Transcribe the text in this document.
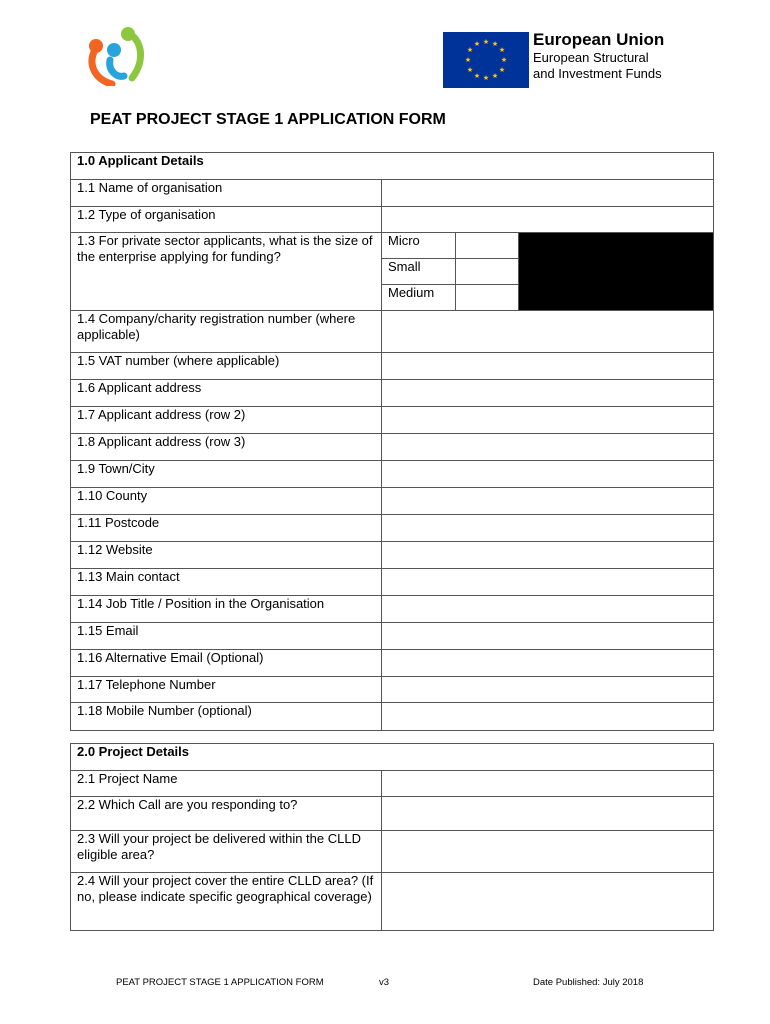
★ ★
★
★
★
★
★
★
★
★
★
★	European Union
European Structural
and Investment Funds
PEAT PROJECT STAGE 1 APPLICATION FORM
1.0 Applicant Details			
1.1 Name of organisation			
1.2 Type of organisation			
1.3 For private sector applicants, what is the size of the enterprise applying for funding?	Micro		
	Small		
	Medium		
1.4 Company/charity registration number (where applicable)			
1.5 VAT number (where applicable)			
1.6 Applicant address			
1.7 Applicant address (row 2)			
1.8 Applicant address (row 3)			
1.9 Town/City			
1.10 County			
1.11 Postcode			
1.12 Website			
1.13 Main contact			
1.14 Job Title / Position in the Organisation			
1.15 Email			
1.16 Alternative Email (Optional)			
1.17 Telephone Number			
1.18 Mobile Number (optional)			
2.0 Project Details	
2.1 Project Name	
2.2 Which Call are you responding to?	
2.3 Will your project be delivered within the CLLD eligible area?	
2.4 Will your project cover the entire CLLD area? (If no, please indicate specific geographical coverage)	
PEAT PROJECT STAGE 1 APPLICATION FORM	v3	Date Published: July 2018
